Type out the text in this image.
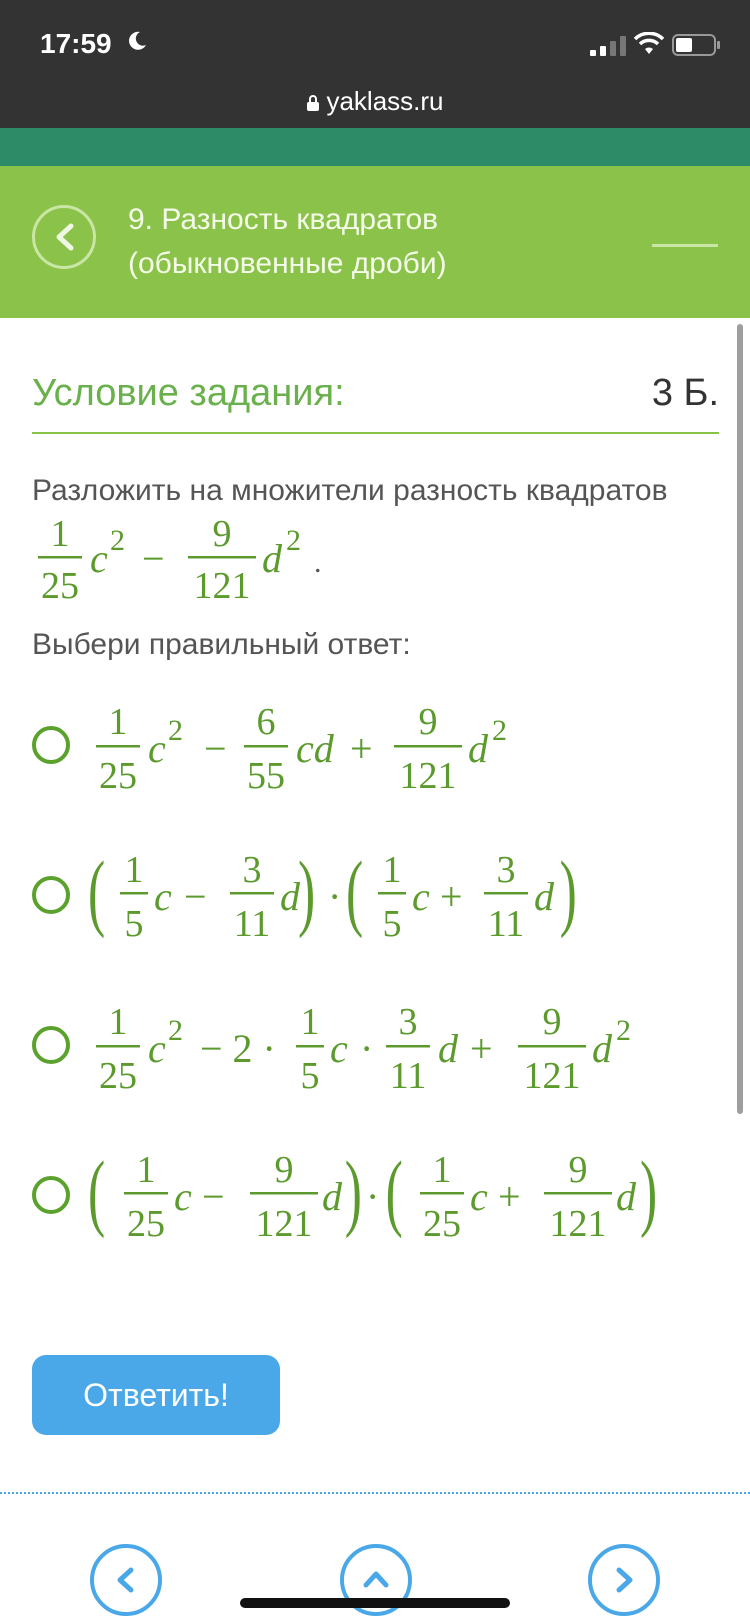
17:59
yaklass.ru
9. Разность квадратов
(обыкновенные дроби)
Условие задания:	3 Б.
Разложить на множители разность квадратов
1
25
c 2 −
9
121
d 2
.
Выбери правильный ответ:
1/25 c² − 6/55 cd + 9/121 d²
1
25
c 2 −
6
55
cd +
9
121
d 2
(1/5 c − 3/11 d)·(1/5 c + 3/11 d)
( 1
5
c −
3
11
d
) · ( 1
5
c +
3
11
d )
1/25 c² − 2 · 1/5 c · 3/11 d + 9/121 d²
1
25
c 2 − 2 ·
1
5
c ·
3
11
d +
9
121
d 2
(1/25 c − 9/121 d)·(1/25 c + 9/121 d)
( 1
25
c −
9
121
d ) · ( 1
25
c +
9
121
d )
Ответить!
